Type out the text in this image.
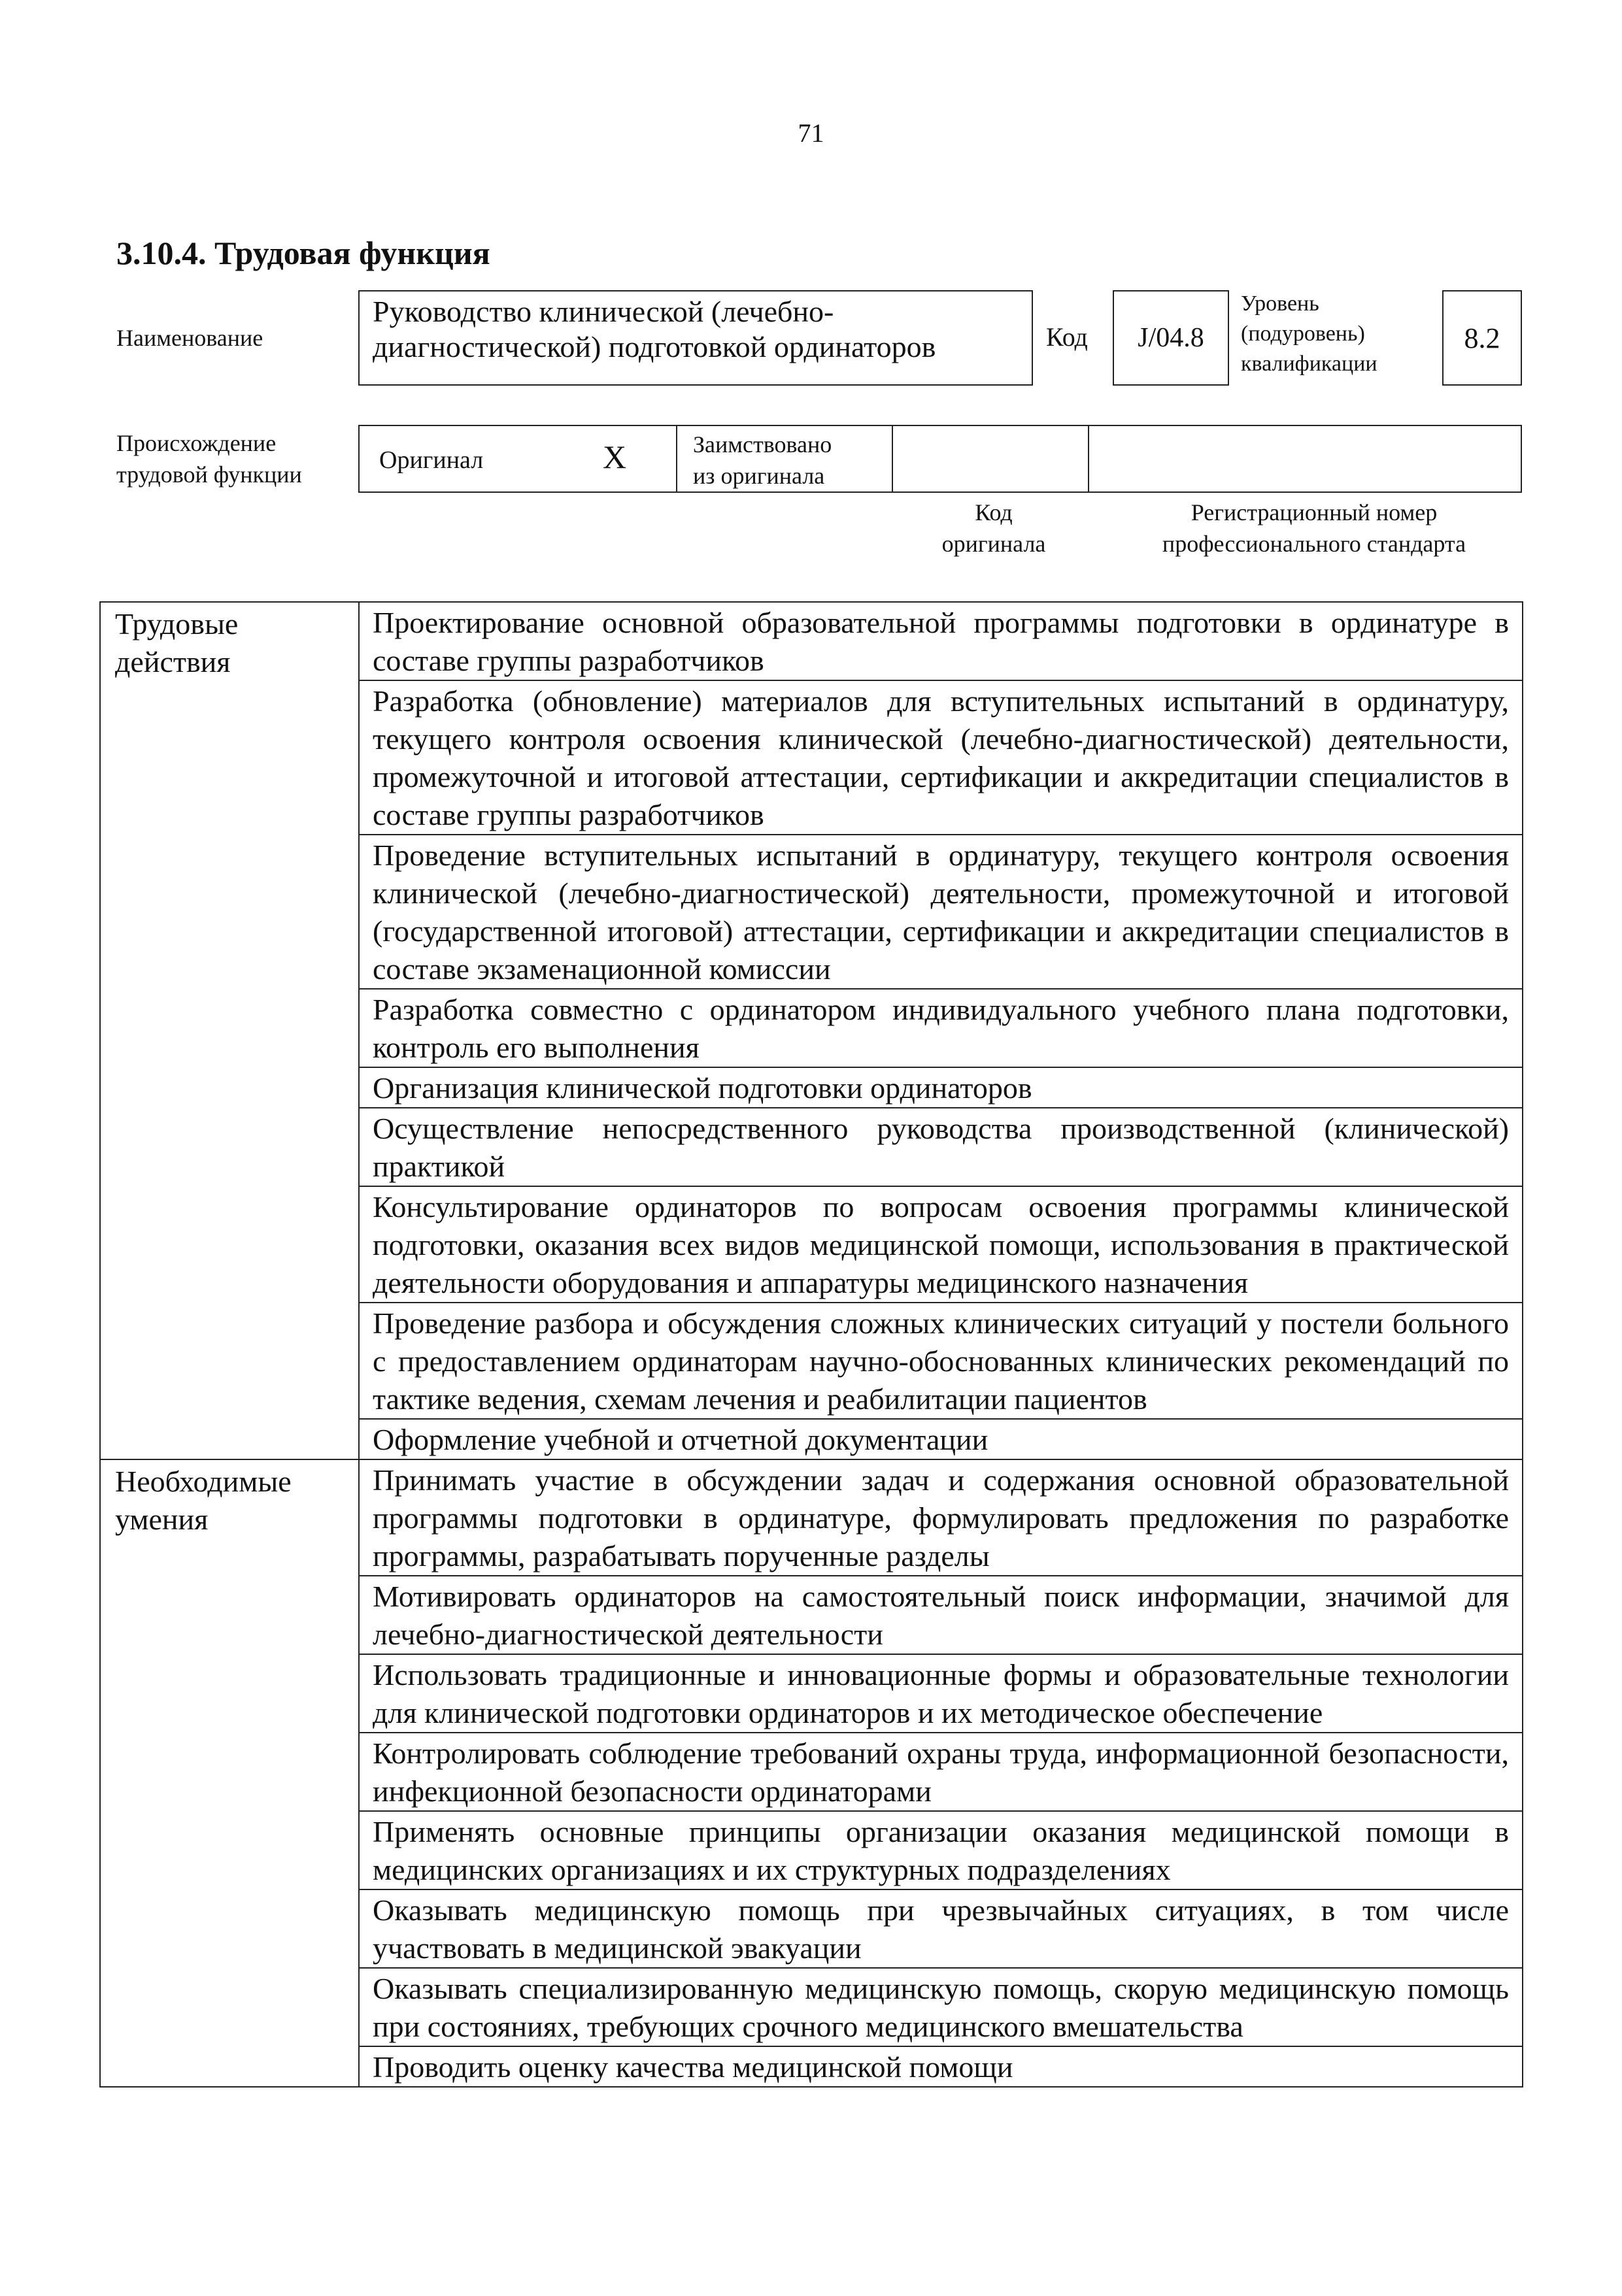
71
3.10.4. Трудовая функция
Наименование
Руководство клинической (лечебно-диагностической) подготовкой ординаторов	Код	J/04.8
Уровень
(подуровень)
квалификации
8.2
Происхождение
трудовой функции
Оригинал	X	Заимствовано
из оригинала
Код
оригинала
Регистрационный номер
профессионального стандарта
Трудовые действия	Проектирование основной образовательной программы подготовки в ординатуре в составе группы разработчиков
	Разработка (обновление) материалов для вступительных испытаний в ординатуру, текущего контроля освоения клинической (лечебно-диагностической) деятельности, промежуточной и итоговой аттестации, сертификации и аккредитации специалистов в составе группы разработчиков
	Проведение вступительных испытаний в ординатуру, текущего контроля освоения клинической (лечебно-диагностической) деятельности, промежуточной и итоговой (государственной итоговой) аттестации, сертификации и аккредитации специалистов в составе экзаменационной комиссии
	Разработка совместно с ординатором индивидуального учебного плана подготовки, контроль его выполнения
	Организация клинической подготовки ординаторов
	Осуществление непосредственного руководства производственной (клинической) практикой
	Консультирование ординаторов по вопросам освоения программы клинической подготовки, оказания всех видов медицинской помощи, использования в практической деятельности оборудования и аппаратуры медицинского назначения
	Проведение разбора и обсуждения сложных клинических ситуаций у постели больного с предоставлением ординаторам научно-обоснованных клинических рекомендаций по тактике ведения, схемам лечения и реабилитации пациентов
	Оформление учебной и отчетной документации
Необходимые умения	Принимать участие в обсуждении задач и содержания основной образовательной программы подготовки в ординатуре, формулировать предложения по разработке программы, разрабатывать порученные разделы
	Мотивировать ординаторов на самостоятельный поиск информации, значимой для лечебно-диагностической деятельности
	Использовать традиционные и инновационные формы и образовательные технологии для клинической подготовки ординаторов и их методическое обеспечение
	Контролировать соблюдение требований охраны труда, информационной безопасности, инфекционной безопасности ординаторами
	Применять основные принципы организации оказания медицинской помощи в медицинских организациях и их структурных подразделениях
	Оказывать медицинскую помощь при чрезвычайных ситуациях, в том числе участвовать в медицинской эвакуации
	Оказывать специализированную медицинскую помощь, скорую медицинскую помощь при состояниях, требующих срочного медицинского вмешательства
	Проводить оценку качества медицинской помощи
